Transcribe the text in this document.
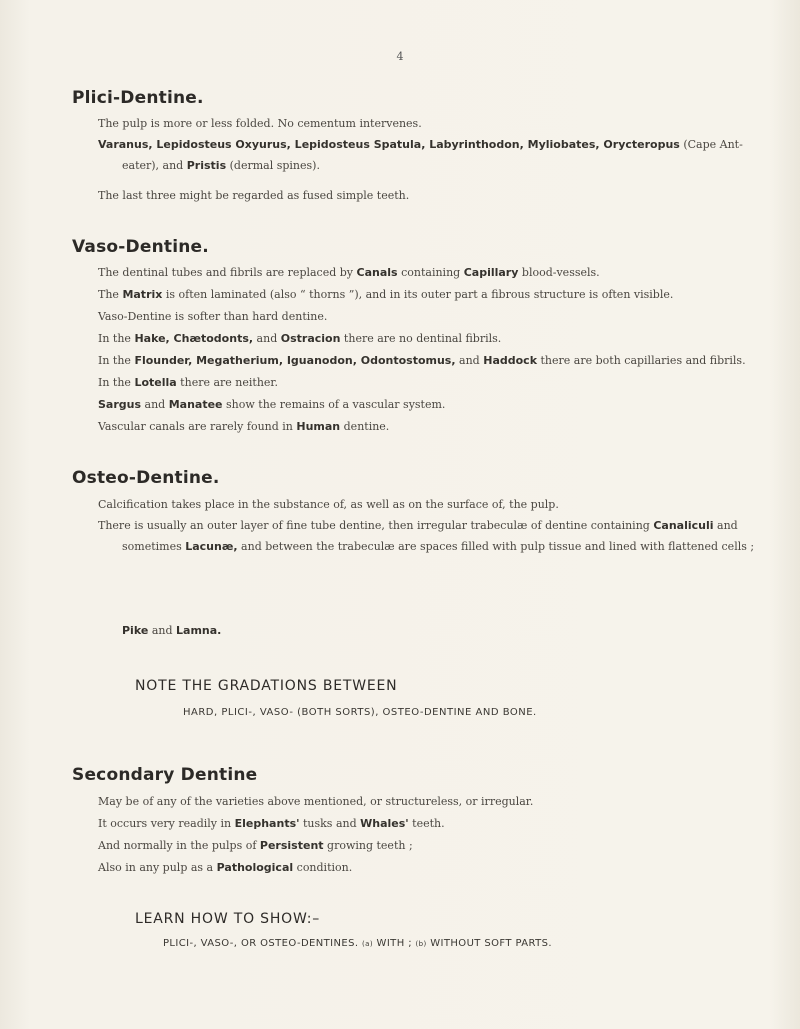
4
Plici-Dentine.
The pulp is more or less folded. No cementum intervenes.
Varanus, Lepidosteus Oxyurus, Lepidosteus Spatula, Labyrinthodon, Myliobates, Orycteropus (Cape Ant-eater), and Pristis (dermal spines).
The last three might be regarded as fused simple teeth.
Vaso-Dentine.
The dentinal tubes and fibrils are replaced by Canals containing Capillary blood-vessels.
The Matrix is often laminated (also “ thorns ”), and in its outer part a fibrous structure is often visible.
Vaso-Dentine is softer than hard dentine.
In the Hake, Chætodonts, and Ostracion there are no dentinal fibrils.
In the Flounder, Megatherium, Iguanodon, Odontostomus, and Haddock there are both capillaries and fibrils.
In the Lotella there are neither.
Sargus and Manatee show the remains of a vascular system.
Vascular canals are rarely found in Human dentine.
Osteo-Dentine.
Calcification takes place in the substance of, as well as on the surface of, the pulp.
There is usually an outer layer of fine tube dentine, then irregular trabeculæ of dentine containing Canaliculi and sometimes Lacunæ, and between the trabeculæ are spaces filled with pulp tissue and lined with flattened cells ;
Pike and Lamna.
NOTE THE GRADATIONS BETWEEN
HARD, PLICI-, VASO- (BOTH SORTS), OSTEO-DENTINE AND BONE.
Secondary Dentine
May be of any of the varieties above mentioned, or structureless, or irregular.
It occurs very readily in Elephants' tusks and Whales' teeth.
And normally in the pulps of Persistent growing teeth ;
Also in any pulp as a Pathological condition.
LEARN HOW TO SHOW:–
PLICI-, VASO-, OR OSTEO-DENTINES. (a) WITH ; (b) WITHOUT SOFT PARTS.
